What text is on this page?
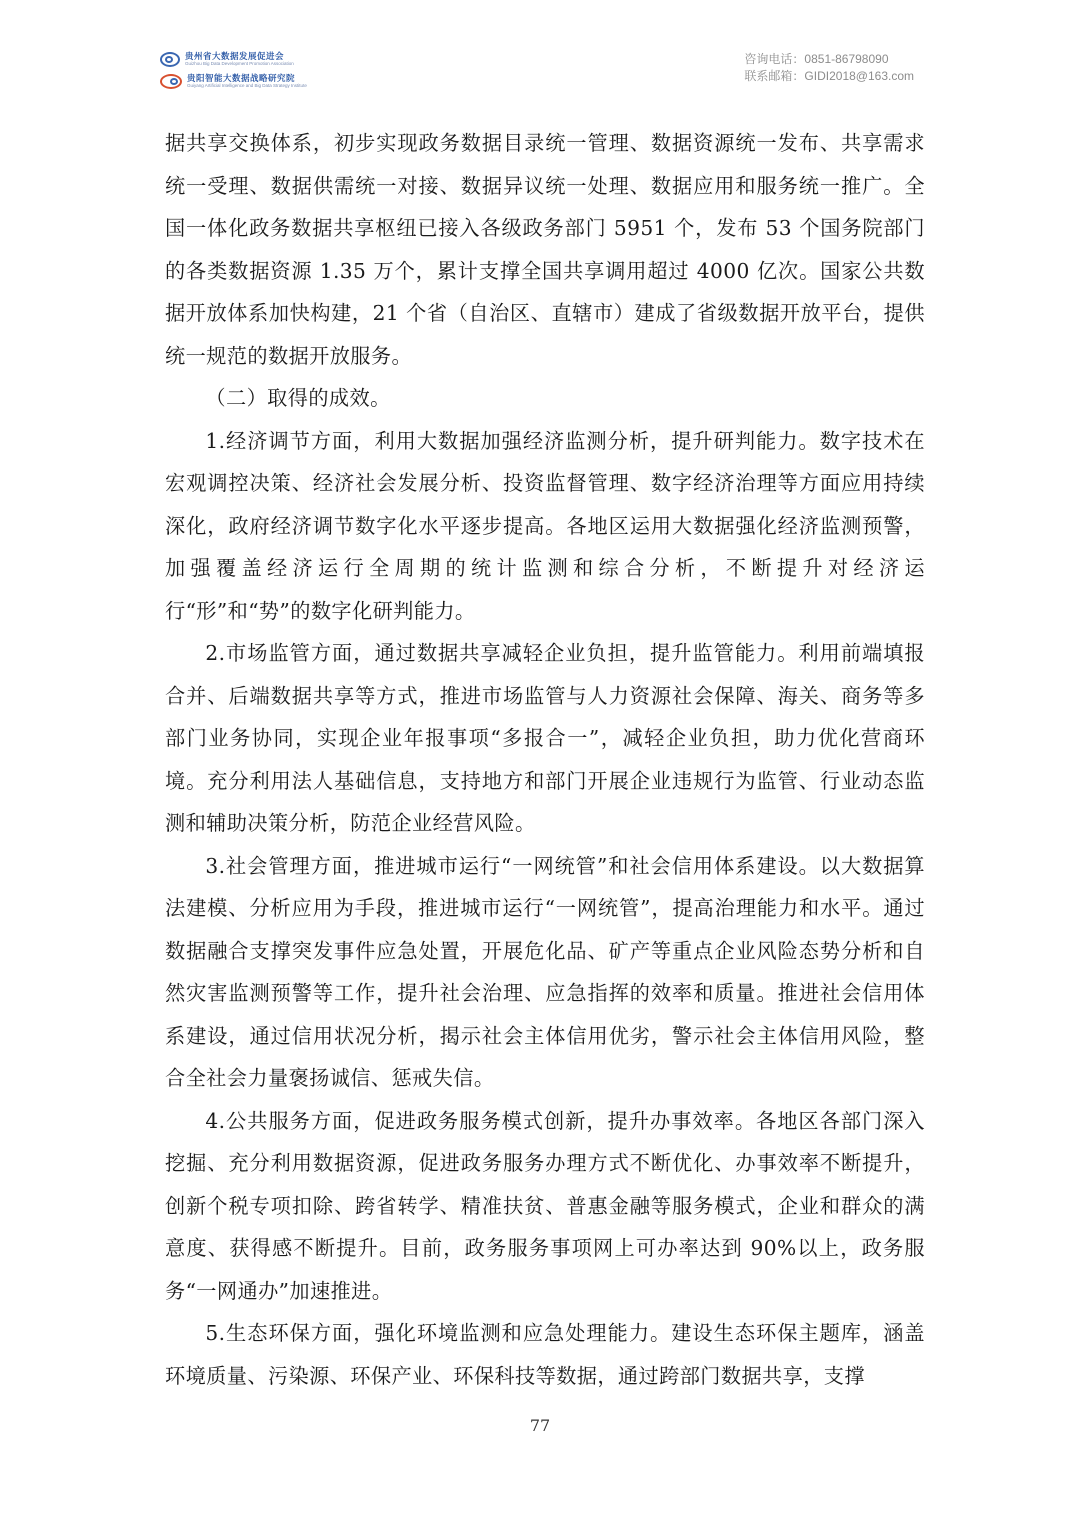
贵州省大数据发展促进会
Guizhou Big Data Development Promotion Association
贵阳智能大数据战略研究院
Guiyang Artificial Intelligence and Big Data Strategy Institute
咨询电话：0851-86798090
联系邮箱：GIDI2018@163.com

据共享交换体系，初步实现政务数据目录统一管理、数据资源统一发布、共享需求统一受理、数据供需统一对接、数据异议统一处理、数据应用和服务统一推广。全国一体化政务数据共享枢纽已接入各级政务部门 5951 个，发布 53 个国务院部门的各类数据资源 1.35 万个，累计支撑全国共享调用超过 4000 亿次。国家公共数据开放体系加快构建，21 个省（自治区、直辖市）建成了省级数据开放平台，提供统一规范的数据开放服务。

（二）取得的成效。

1.经济调节方面，利用大数据加强经济监测分析，提升研判能力。数字技术在宏观调控决策、经济社会发展分析、投资监督管理、数字经济治理等方面应用持续深化，政府经济调节数字化水平逐步提高。各地区运用大数据强化经济监测预警，加强覆盖经济运行全周期的统计监测和综合分析，不断提升对经济运行“形”和“势”的数字化研判能力。

2.市场监管方面，通过数据共享减轻企业负担，提升监管能力。利用前端填报合并、后端数据共享等方式，推进市场监管与人力资源社会保障、海关、商务等多部门业务协同，实现企业年报事项“多报合一”，减轻企业负担，助力优化营商环境。充分利用法人基础信息，支持地方和部门开展企业违规行为监管、行业动态监测和辅助决策分析，防范企业经营风险。

3.社会管理方面，推进城市运行“一网统管”和社会信用体系建设。以大数据算法建模、分析应用为手段，推进城市运行“一网统管”，提高治理能力和水平。通过数据融合支撑突发事件应急处置，开展危化品、矿产等重点企业风险态势分析和自然灾害监测预警等工作，提升社会治理、应急指挥的效率和质量。推进社会信用体系建设，通过信用状况分析，揭示社会主体信用优劣，警示社会主体信用风险，整合全社会力量褒扬诚信、惩戒失信。

4.公共服务方面，促进政务服务模式创新，提升办事效率。各地区各部门深入挖掘、充分利用数据资源，促进政务服务办理方式不断优化、办事效率不断提升，创新个税专项扣除、跨省转学、精准扶贫、普惠金融等服务模式，企业和群众的满意度、获得感不断提升。目前，政务服务事项网上可办率达到 90%以上，政务服务“一网通办”加速推进。

5.生态环保方面，强化环境监测和应急处理能力。建设生态环保主题库，涵盖环境质量、污染源、环保产业、环保科技等数据，通过跨部门数据共享，支撑

77
